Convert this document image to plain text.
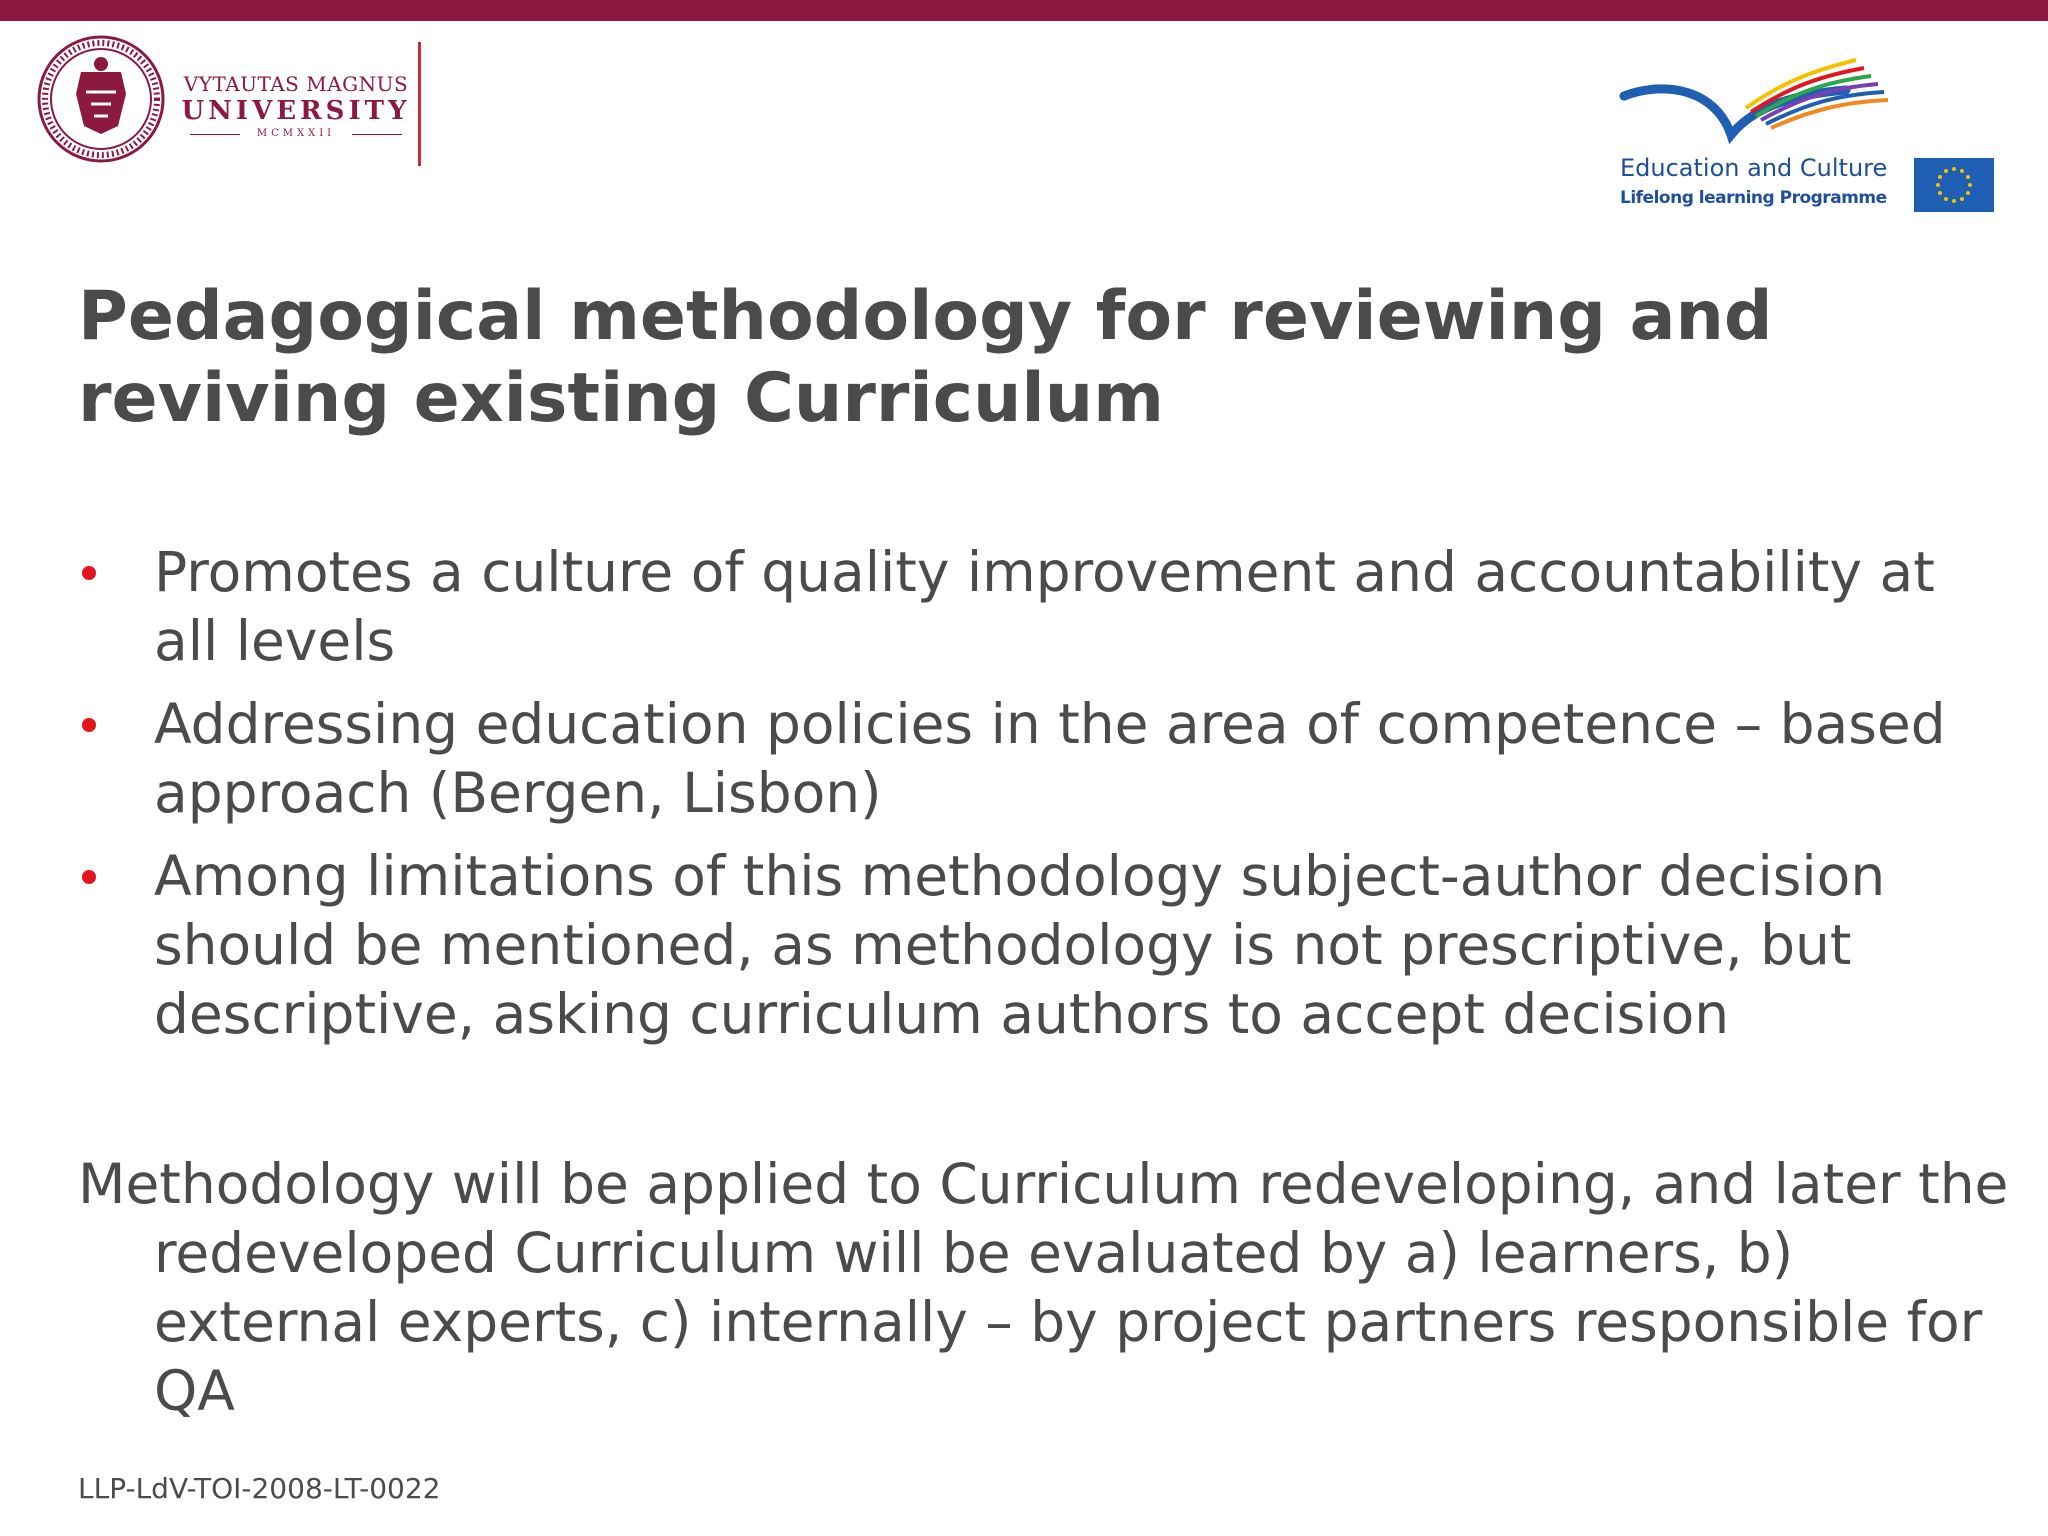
VYTAUTAS MAGNUS
UNIVERSITY
MCMXXII
Education and Culture
Lifelong learning Programme
Pedagogical methodology for reviewing and reviving existing Curriculum
Promotes a culture of quality improvement and accountability at all levels
Addressing education policies in the area of competence – based approach (Bergen, Lisbon)
Among limitations of this methodology subject-author decision should be mentioned, as methodology is not prescriptive, but descriptive, asking curriculum authors to accept decision

Methodology will be applied to Curriculum redeveloping, and later the redeveloped Curriculum will be evaluated by a) learners, b) external experts, c) internally – by project partners responsible for QA

LLP-LdV-TOI-2008-LT-0022
